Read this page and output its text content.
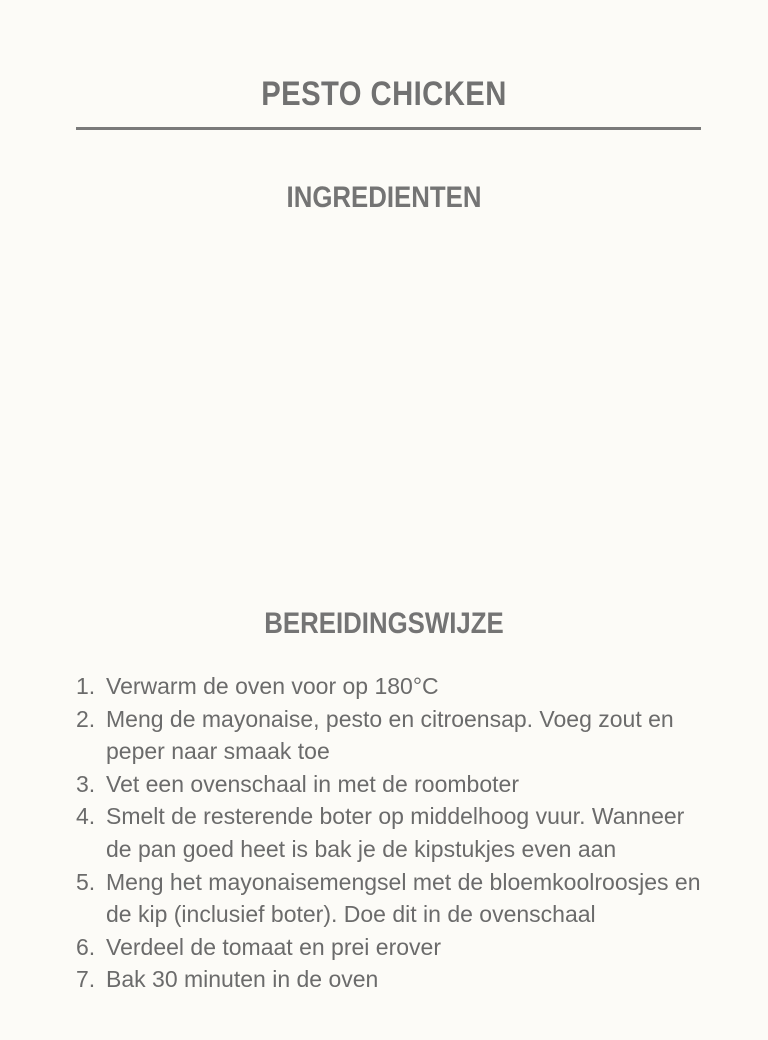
PESTO CHICKEN
INGREDIENTEN
BEREIDINGSWIJZE
1. Verwarm de oven voor op 180°C
2. Meng de mayonaise, pesto en citroensap. Voeg zout en peper naar smaak toe
3. Vet een ovenschaal in met de roomboter
4. Smelt de resterende boter op middelhoog vuur. Wanneer de pan goed heet is bak je de kipstukjes even aan
5. Meng het mayonaisemengsel met de bloemkoolroosjes en de kip (inclusief boter). Doe dit in de ovenschaal
6. Verdeel de tomaat en prei erover
7. Bak 30 minuten in de oven
